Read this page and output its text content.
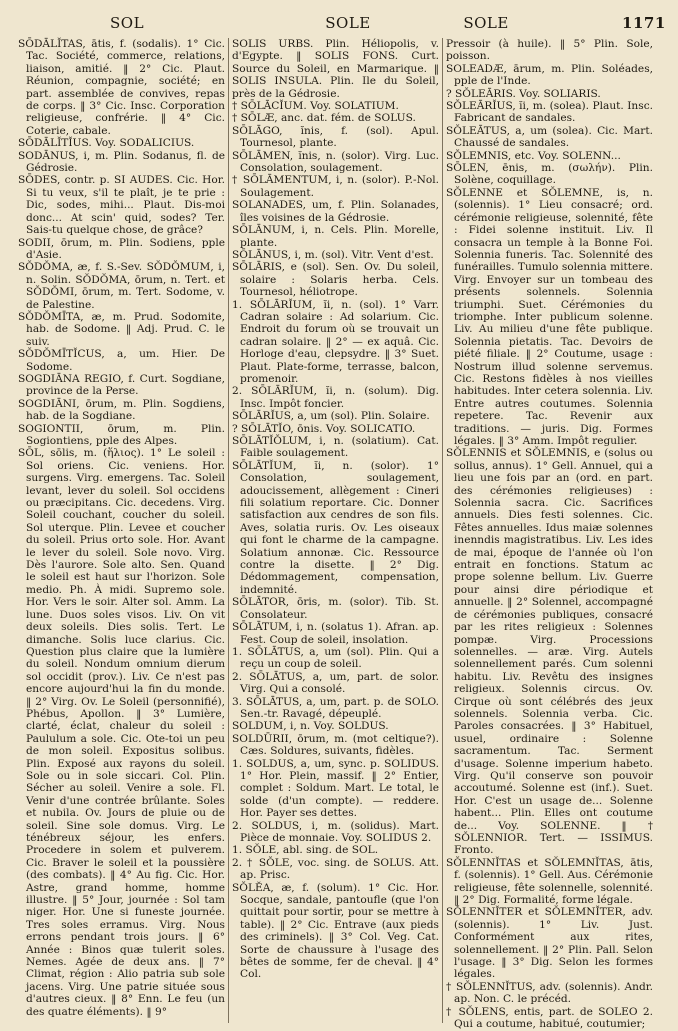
SOL	SOLE	SOLE	1171

SŌDĀLĬTAS, ātis, f. (sodalis). 1° Cic. Tac. Société, commerce, relations, liaison, amitié. ‖ 2° Cic. Plaut. Réunion, compagnie, société; en part. assemblée de convives, repas de corps. ‖ 3° Cic. Insc. Corporation religieuse, confrérie. ‖ 4° Cic. Coterie, cabale.

SŌDĀLĬTĬUS. Voy. SODALICIUS.

SODĀNUS, i, m. Plin. Sodanus, fl. de Gédrosie.

SŌDES, contr. p. SI AUDES. Cic. Hor. Si tu veux, s'il te plaît, je te prie : Dic, sodes, mihi... Plaut. Dis-moi donc... At scin' quid, sodes? Ter. Sais-tu quelque chose, de grâce?

SODII, ōrum, m. Plin. Sodiens, pple d'Asie.

SŎDŎMA, æ, f. S.-Sev. SŎDŎMUM, i, n. Solin. SŎDŎMA, ōrum, n. Tert. et SŎDŎMI, ōrum, m. Tert. Sodome, v. de Palestine.

SŎDŎMĪTA, æ, m. Prud. Sodomite, hab. de Sodome. ‖ Adj. Prud. C. le suiv.

SŎDŎMĪTĬCUS, a, um. Hier. De Sodome.

SOGDIĀNA REGIO, f. Curt. Sogdiane, province de la Perse.

SOGDIĀNI, ōrum, m. Plin. Sogdiens, hab. de la Sogdiane.

SOGIONTII, ōrum, m. Plin. Sogiontiens, pple des Alpes.

SŌL, sōlis, m. (ἥλιος). 1° Le soleil : Sol oriens. Cic. veniens. Hor. surgens. Virg. emergens. Tac. Soleil levant, lever du soleil. Sol occidens ou præcipitans. Cic. decedens. Virg. Soleil couchant, coucher du soleil. Sol uterque. Plin. Levee et coucher du soleil. Prius orto sole. Hor. Avant le lever du soleil. Sole novo. Virg. Dès l'aurore. Sole alto. Sen. Quand le soleil est haut sur l'horizon. Sole medio. Ph. À midi. Supremo sole. Hor. Vers le soir. Alter sol. Amm. La lune. Duos soles visos. Liv. On vit deux soleils. Dies solis. Tert. Le dimanche. Solis luce clarius. Cic. Question plus claire que la lumière du soleil. Nondum omnium dierum sol occidit (prov.). Liv. Ce n'est pas encore aujourd'hui la fin du monde. ‖ 2° Virg. Ov. Le Soleil (personnifié), Phébus, Apollon. ‖ 3° Lumière, clarté, éclat, chaleur du soleil : Paululum a sole. Cic. Ote-toi un peu de mon soleil. Expositus solibus. Plin. Exposé aux rayons du soleil. Sole ou in sole siccari. Col. Plin. Sécher au soleil. Venire a sole. Fl. Venir d'une contrée brûlante. Soles et nubila. Ov. Jours de pluie ou de soleil. Sine sole domus. Virg. Le ténébreux séjour, les enfers. Procedere in solem et pulverem. Cic. Braver le soleil et la poussière (des combats). ‖ 4° Au fig. Cic. Hor. Astre, grand homme, homme illustre. ‖ 5° Jour, journée : Sol tam niger. Hor. Une si funeste journée. Tres soles erramus. Virg. Nous errons pendant trois jours. ‖ 6° Année : Binos quæ tulerit soles. Nemes. Agée de deux ans. ‖ 7° Climat, région : Alio patria sub sole jacens. Virg. Une patrie située sous d'autres cieux. ‖ 8° Enn. Le feu (un des quatre éléments). ‖ 9°

SOLIS URBS. Plin. Héliopolis, v. d'Egypte. ‖ SOLIS FONS. Curt. Source du Soleil, en Marmarique. ‖ SOLIS INSULA. Plin. Ile du Soleil, près de la Gédrosie.

† SŌLĀCĬUM. Voy. SOLATIUM.

† SŌLÆ, anc. dat. fém. de SOLUS.

SŌLĀGO, ĭnis, f. (sol). Apul. Tournesol, plante.

SŌLĀMEN, ĭnis, n. (solor). Virg. Luc. Consolation, soulagement.

† SŌLĀMENTUM, i, n. (solor). P.-Nol. Soulagement.

SOLANADES, um, f. Plin. Solanades, îles voisines de la Gédrosie.

SŌLĀNUM, i, n. Cels. Plin. Morelle, plante.

SŌLĀNUS, i, m. (sol). Vitr. Vent d'est.

SŌLĀRIS, e (sol). Sen. Ov. Du soleil, solaire : Solaris herba. Cels. Tournesol, héliotrope.

1. SŌLĀRĬUM, ĭi, n. (sol). 1° Varr. Cadran solaire : Ad solarium. Cic. Endroit du forum où se trouvait un cadran solaire. ‖ 2° — ex aquâ. Cic. Horloge d'eau, clepsydre. ‖ 3° Suet. Plaut. Plate-forme, terrasse, balcon, promenoir.

2. SŌLĀRĬUM, ĭi, n. (solum). Dig. Insc. Impôt foncier.

SŌLĀRĬUS, a, um (sol). Plin. Solaire.

? SŌLĀTĬO, ōnis. Voy. SOLICATIO.

SŌLĀTĬŎLUM, i, n. (solatium). Cat. Faible soulagement.

SŌLĀTĬUM, ĭi, n. (solor). 1° Consolation, soulagement, adoucissement, allègement : Cineri fili solatium reportare. Cic. Donner satisfaction aux cendres de son fils. Aves, solatia ruris. Ov. Les oiseaux qui font le charme de la campagne. Solatium annonæ. Cic. Ressource contre la disette. ‖ 2° Dig. Dédommagement, compensation, indemnité.

SŌLĀTOR, ōris, m. (solor). Tib. St. Consolateur.

SŌLĀTUM, i, n. (solatus 1). Afran. ap. Fest. Coup de soleil, insolation.

1. SŌLĀTUS, a, um (sol). Plin. Qui a reçu un coup de soleil.

2. SŌLĀTUS, a, um, part. de solor. Virg. Qui a consolé.

3. SŌLĀTUS, a, um, part. p. de SOLO. Sen.-tr. Ravagé, dépeuplé.

SOLDUM, i, n. Voy. SOLDUS.

SOLDŪRII, ōrum, m. (mot celtique?). Cæs. Soldures, suivants, fidèles.

1. SOLDUS, a, um, sync. p. SOLIDUS. 1° Hor. Plein, massif. ‖ 2° Entier, complet : Soldum. Mart. Le total, le solde (d'un compte). — reddere. Hor. Payer ses dettes.

2. SOLDUS, i, m. (solidus). Mart. Pièce de monnaie. Voy. SOLIDUS 2.

1. SŎLE, abl. sing. de SOL.

2. † SŎLE, voc. sing. de SOLUS. Att. ap. Prisc.

SŎLĔA, æ, f. (solum). 1° Cic. Hor. Socque, sandale, pantoufle (que l'on quittait pour sortir, pour se mettre à table). ‖ 2° Cic. Entrave (aux pieds des criminels). ‖ 3° Col. Veg. Cat. Sorte de chaussure à l'usage des bêtes de somme, fer de cheval. ‖ 4° Col.

Pressoir (à huile). ‖ 5° Plin. Sole, poisson.

SOLEADÆ, ārum, m. Plin. Soléades, pple de l'Inde.

? SŎLEĀRIS. Voy. SOLIARIS.

SŎLEĀRĬUS, ĭi, m. (solea). Plaut. Insc. Fabricant de sandales.

SŎLEĀTUS, a, um (solea). Cic. Mart. Chaussé de sandales.

SŎLEMNIS, etc. Voy. SOLENN...

SŌLEN, ēnis, m. (σωλήν). Plin. Solène, coquillage.

SŎLENNE et SŎLEMNE, is, n. (solennis). 1° Lieu consacré; ord. cérémonie religieuse, solennité, fête : Fidei solenne instituit. Liv. Il consacra un temple à la Bonne Foi. Solennia funeris. Tac. Solennité des funérailles. Tumulo solennia mittere. Virg. Envoyer sur un tombeau des présents solennels. Solennia triumphi. Suet. Cérémonies du triomphe. Inter publicum solenne. Liv. Au milieu d'une fête publique. Solennia pietatis. Tac. Devoirs de piété filiale. ‖ 2° Coutume, usage : Nostrum illud solenne servemus. Cic. Restons fidèles à nos vieilles habitudes. Inter cetera solennia. Liv. Entre autres coutumes. Solennia repetere. Tac. Revenir aux traditions. — juris. Dig. Formes légales. ‖ 3° Amm. Impôt regulier.

SŎLENNIS et SŎLEMNIS, e (solus ou sollus, annus). 1° Gell. Annuel, qui a lieu une fois par an (ord. en part. des cérémonies religieuses) : Solennia sacra. Cic. Sacrifices annuels. Dies festi solennes. Cic. Fêtes annuelles. Idus maiæ solennes inenndis magistratibus. Liv. Les ides de mai, époque de l'année où l'on entrait en fonctions. Statum ac prope solenne bellum. Liv. Guerre pour ainsi dire périodique et annuelle. ‖ 2° Solennel, accompagné de cérémonies publiques, consacré par les rites religieux : Solennes pompæ. Virg. Processions solennelles. — aræ. Virg. Autels solennellement parés. Cum solenni habitu. Liv. Revêtu des insignes religieux. Solennis circus. Ov. Cirque où sont célébrés des jeux solennels. Solennia verba. Cic. Paroles consacrées. ‖ 3° Habituel, usuel, ordinaire : Solenne sacramentum. Tac. Serment d'usage. Solenne imperium habeto. Virg. Qu'il conserve son pouvoir accoutumé. Solenne est (inf.). Suet. Hor. C'est un usage de... Solenne habent... Plin. Elles ont coutume de... Voy. SOLENNE. ‖ † SŎLENNIOR. Tert. — ISSIMUS. Fronto.

SŎLENNĬTAS et SŎLEMNĬTAS, ātis, f. (solennis). 1° Gell. Aus. Cérémonie religieuse, fête solennelle, solennité. ‖ 2° Dig. Formalité, forme légale.

SŎLENNĬTER et SŎLEMNĬTER, adv. (solennis). 1° Liv. Just. Conformément aux rites, solennellement. ‖ 2° Plin. Pall. Selon l'usage. ‖ 3° Dig. Selon les formes légales.

† SŎLENNĬTUS, adv. (solennis). Andr. ap. Non. C. le précéd.

† SŎLENS, entis, part. de SOLEO 2. Qui a coutume, habitué, coutumier;
